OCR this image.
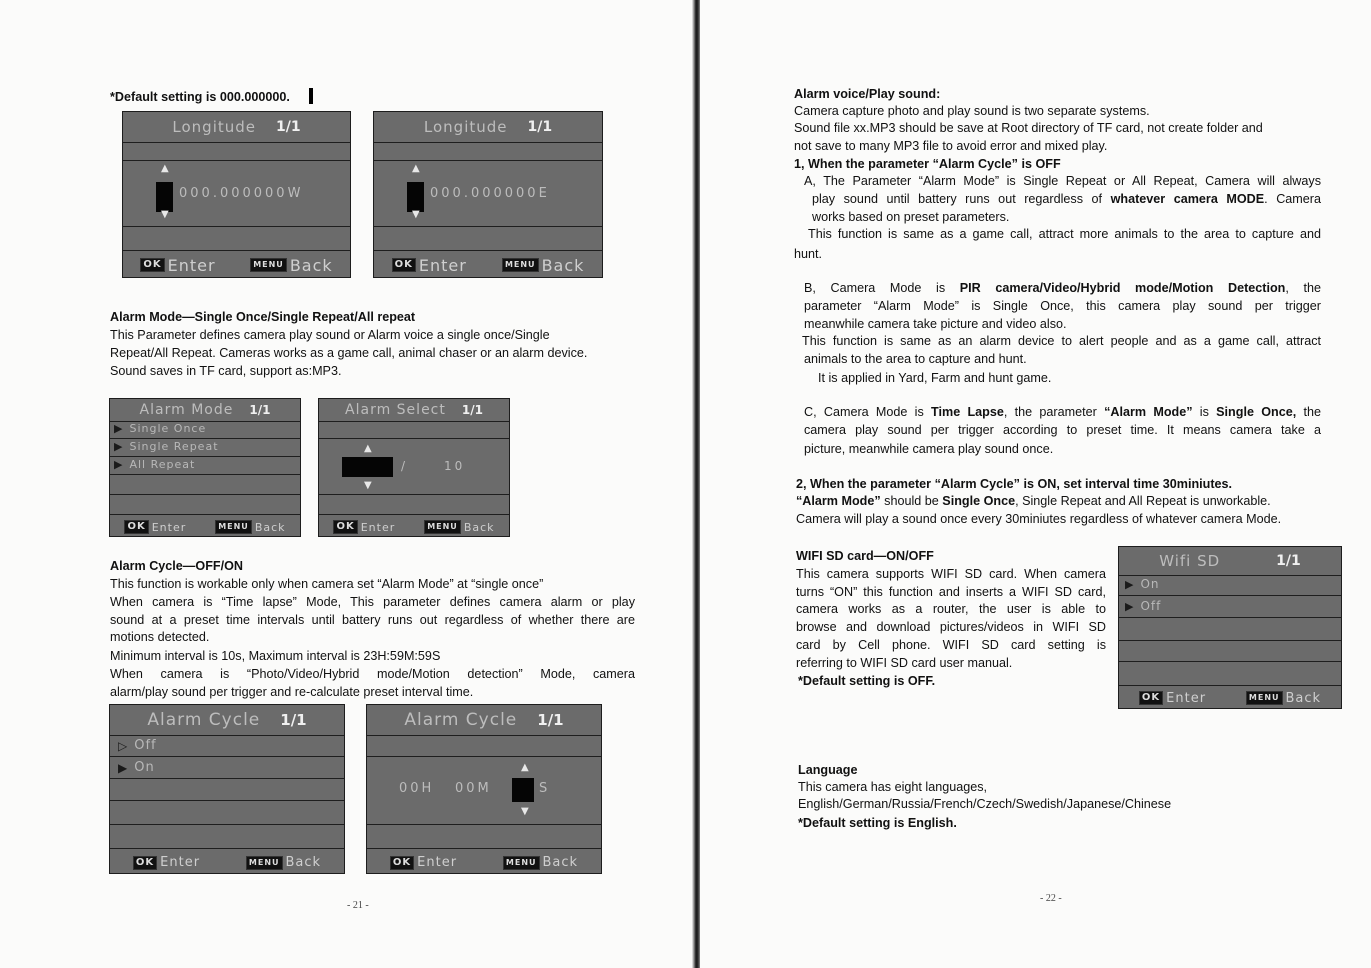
*Default setting is 000.000000.
Longitude 1/1
▲
000.000000W
▼
OK Enter	MENU Back
Longitude 1/1
▲
000.000000E
▼
OK Enter	MENU Back
Alarm Mode—Single Once/Single Repeat/All repeat
This Parameter defines camera play sound or Alarm voice a single once/Single
Repeat/All Repeat. Cameras works as a game call, animal chaser or an alarm device.
Sound saves in TF card, support as:MP3.
Alarm Mode 1/1
▶ Single Once
▶ Single Repeat
▶ All Repeat
OK Enter	MENU Back
Alarm Select 1/1
▲
/	10
▼
OK Enter	MENU Back
Alarm Cycle—OFF/ON
This function is workable only when camera set “Alarm Mode” at “single once”
When camera is “Time lapse” Mode, This parameter defines camera alarm or play
sound at a preset time intervals until battery runs out regardless of whether there are
motions detected.
Minimum interval is 10s, Maximum interval is 23H:59M:59S
When camera is “Photo/Video/Hybrid mode/Motion detection” Mode, camera
alarm/play sound per trigger and re-calculate preset interval time.
Alarm Cycle 1/1
▷ Off
▶ On
OK Enter	MENU Back
Alarm Cycle 1/1
▲
00H 00M	S
▼
OK Enter	MENU Back
- 21 -
Alarm voice/Play sound:
Camera capture photo and play sound is two separate systems.
Sound file xx.MP3 should be save at Root directory of TF card, not create folder and
not save to many MP3 file to avoid error and mixed play.
1, When the parameter “Alarm Cycle” is OFF
A, The Parameter “Alarm Mode” is Single Repeat or All Repeat, Camera will always
play sound until battery runs out regardless of whatever camera MODE. Camera
works based on preset parameters.
This function is same as a game call, attract more animals to the area to capture and
hunt.
B, Camera Mode is PIR camera/Video/Hybrid mode/Motion Detection, the
parameter “Alarm Mode” is Single Once, this camera play sound per trigger
meanwhile camera take picture and video also.
This function is same as an alarm device to alert people and as a game call, attract
animals to the area to capture and hunt.
It is applied in Yard, Farm and hunt game.
C, Camera Mode is Time Lapse, the parameter “Alarm Mode” is Single Once, the
camera play sound per trigger according to preset time. It means camera take a
picture, meanwhile camera play sound once.
2, When the parameter “Alarm Cycle” is ON, set interval time 30miniutes.
“Alarm Mode” should be Single Once, Single Repeat and All Repeat is unworkable.
Camera will play a sound once every 30miniutes regardless of whatever camera Mode.
WIFI SD card—ON/OFF
This camera supports WIFI SD card. When camera
turns “ON” this function and inserts a WIFI SD card,
camera works as a router, the user is able to
browse and download pictures/videos in WIFI SD
card by Cell phone. WIFI SD card setting is
referring to WIFI SD card user manual.
*Default setting is OFF.
Wifi SD	1/1
▶ On
▶ Off
OK Enter	MENU Back
Language
This camera has eight languages,
English/German/Russia/French/Czech/Swedish/Japanese/Chinese
*Default setting is English.
- 22 -
